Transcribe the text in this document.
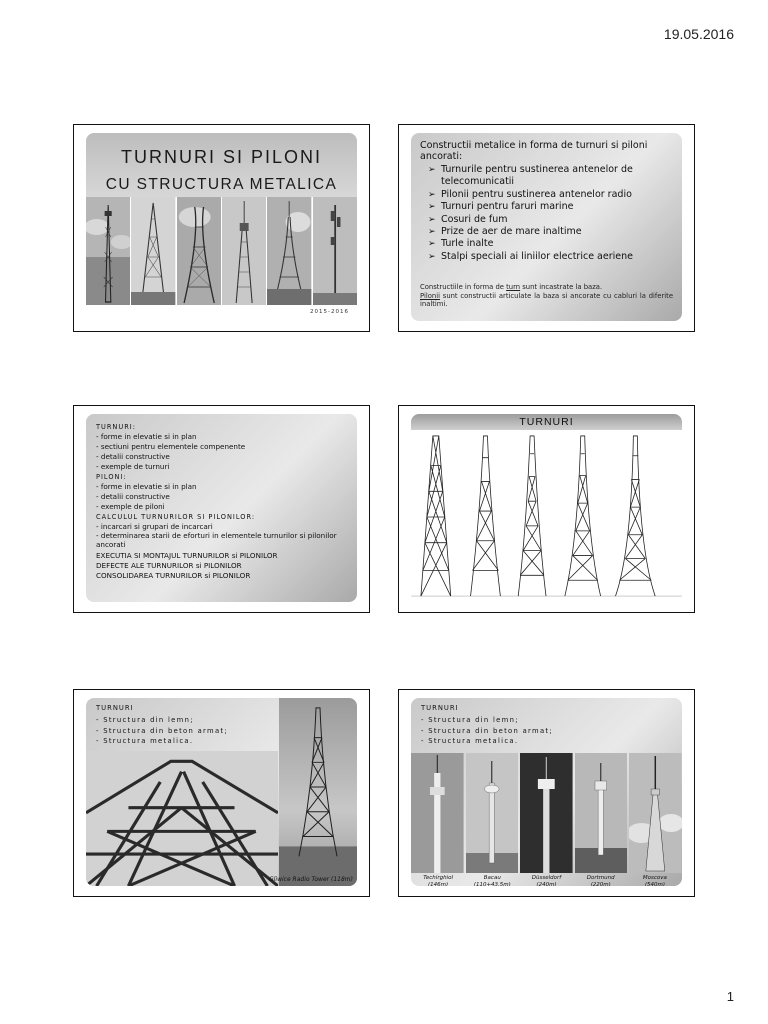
19.05.2016
TURNURI SI PILONI
CU STRUCTURA METALICA
2015-2016
Constructii metalice in forma de turnuri si piloni ancorati:
➢ Turnurile pentru sustinerea antenelor de telecomunicatii
➢ Pilonii pentru sustinerea antenelor radio
➢ Turnuri pentru faruri marine
➢ Cosuri de fum
➢ Prize de aer de mare inaltime
➢ Turle inalte
➢ Stalpi speciali ai liniilor electrice aeriene
Constructiile in forma de turn sunt incastrate la baza.
Pilonii sunt constructii articulate la baza si ancorate cu cabluri la diferite inaltimi.
TURNURI:
- forme in elevatie si in plan
- sectiuni pentru elementele compenente
- detalii constructive
- exemple de turnuri
PILONI:
- forme in elevatie si in plan
- detalii constructive
- exemple de piloni
CALCULUL TURNURILOR SI PILONILOR:
- incarcari si grupari de incarcari
- determinarea starii de eforturi in elementele turnurilor si pilonilor ancorati
EXECUTIA SI MONTAJUL TURNURILOR si PILONILOR
DEFECTE ALE TURNURILOR si PILONILOR
CONSOLIDAREA TURNURILOR si PILONILOR
TURNURI
TURNURI
- Structura din lemn;
- Structura din beton armat;
- Structura metalica.
Gliwice Radio Tower (118m)
TURNURI
- Structura din lemn;
- Structura din beton armat;
- Structura metalica.
Techirghiol
(146m)
Bacau
(110+43,5m)
Düsseldorf
(240m)
Dortmund
(220m)
Moscova
(540m)
1
